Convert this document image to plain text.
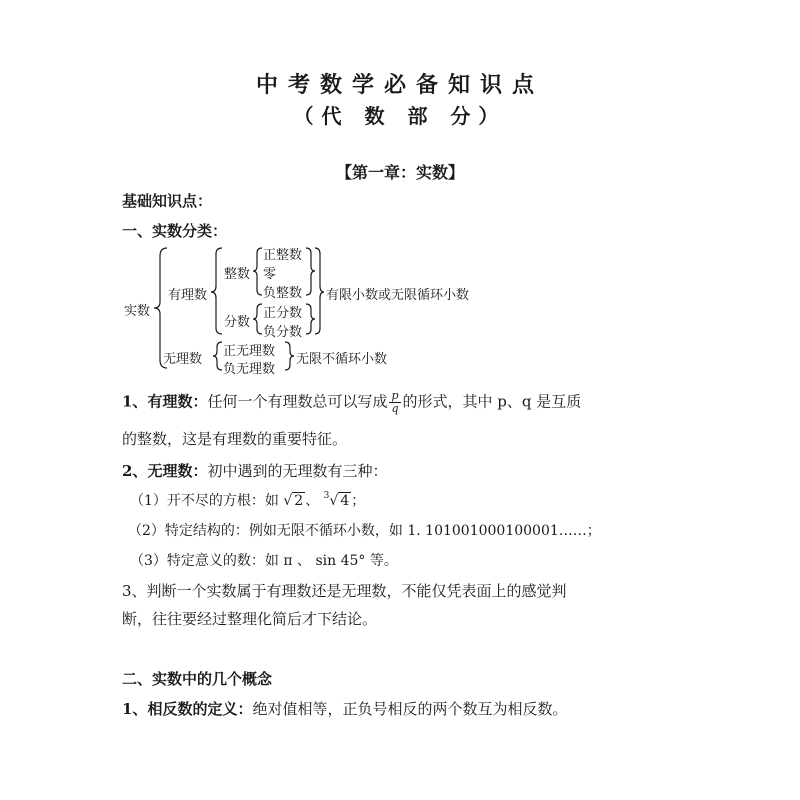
中考数学必备知识点
（代 数 部 分）
【第一章：实数】
基础知识点：
一、实数分类：
实数
有理数
整数
正整数
零
负整数
分数
正分数
负分数
有限小数或无限循环小数
无理数
正无理数
负无理数
无限不循环小数
1、有理数：任何一个有理数总可以写成 $\frac{p}{q}$ 的形式，其中 p、q 是互质
的整数，这是有理数的重要特征。
2、无理数：初中遇到的无理数有三种：
（1）开不尽的方根：如 √ 2 、 $^3$√ 4 ；
（2）特定结构的：例如无限不循环小数，如 1. 101001000100001……；
（3）特定意义的数：如 π 、 sin 45° 等。
3、判断一个实数属于有理数还是无理数，不能仅凭表面上的感觉判
断，往往要经过整理化简后才下结论。
二、实数中的几个概念
1、相反数的定义：绝对值相等，正负号相反的两个数互为相反数。
